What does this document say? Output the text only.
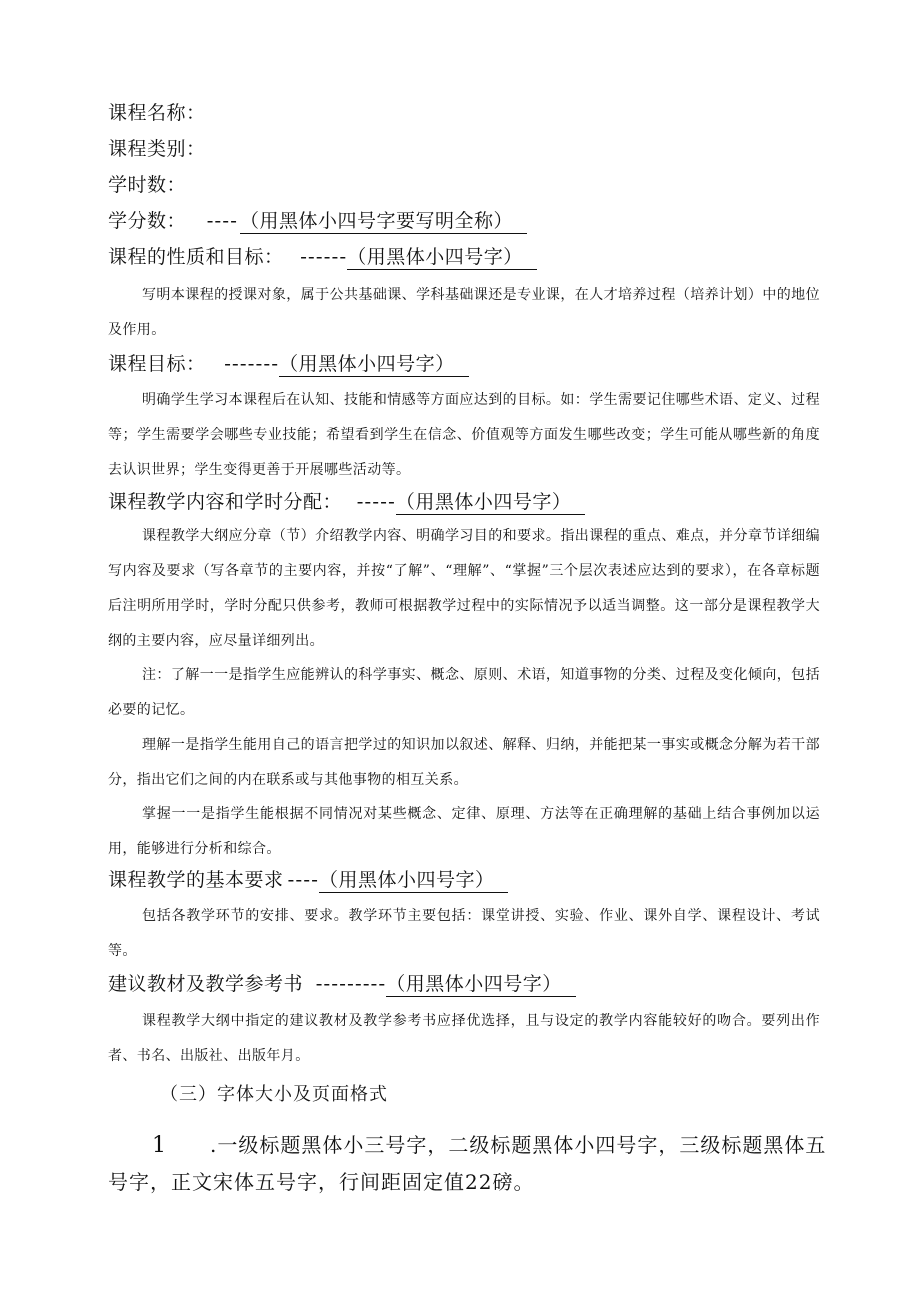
课程名称：
课程类别：
学时数：
学分数： ---- （用黑体小四号字要写明全称）
课程的性质和目标： ------（用黑体小四号字）

写明本课程的授课对象，属于公共基础课、学科基础课还是专业课，在人才培养过程（培养计划）中的地位及作用。

课程目标： -------（用黑体小四号字）

明确学生学习本课程后在认知、技能和情感等方面应达到的目标。如：学生需要记住哪些术语、定义、过程等；学生需要学会哪些专业技能；希望看到学生在信念、价值观等方面发生哪些改变；学生可能从哪些新的角度去认识世界；学生变得更善于开展哪些活动等。

课程教学内容和学时分配： -----（用黑体小四号字）

课程教学大纲应分章（节）介绍教学内容、明确学习目的和要求。指出课程的重点、难点，并分章节详细编写内容及要求（写各章节的主要内容，并按“了解”、“理解”、“掌握”三个层次表述应达到的要求），在各章标题后注明所用学时，学时分配只供参考，教师可根据教学过程中的实际情况予以适当调整。这一部分是课程教学大纲的主要内容，应尽量详细列出。

注：了解一一是指学生应能辨认的科学事实、概念、原则、术语，知道事物的分类、过程及变化倾向，包括必要的记忆。

理解一是指学生能用自己的语言把学过的知识加以叙述、解释、归纳，并能把某一事实或概念分解为若干部分，指出它们之间的内在联系或与其他事物的相互关系。

掌握一一是指学生能根据不同情况对某些概念、定律、原理、方法等在正确理解的基础上结合事例加以运用，能够进行分析和综合。

课程教学的基本要求 ----（用黑体小四号字）

包括各教学环节的安排、要求。教学环节主要包括：课堂讲授、实验、作业、课外自学、课程设计、考试等。

建议教材及教学参考书 ---------（用黑体小四号字）

课程教学大纲中指定的建议教材及教学参考书应择优选择，且与设定的教学内容能较好的吻合。要列出作者、书名、出版社、出版年月。

（三）字体大小及页面格式

1 .一级标题黑体小三号字，二级标题黑体小四号字，三级标题黑体五号字，正文宋体五号字，行间距固定值22磅。
